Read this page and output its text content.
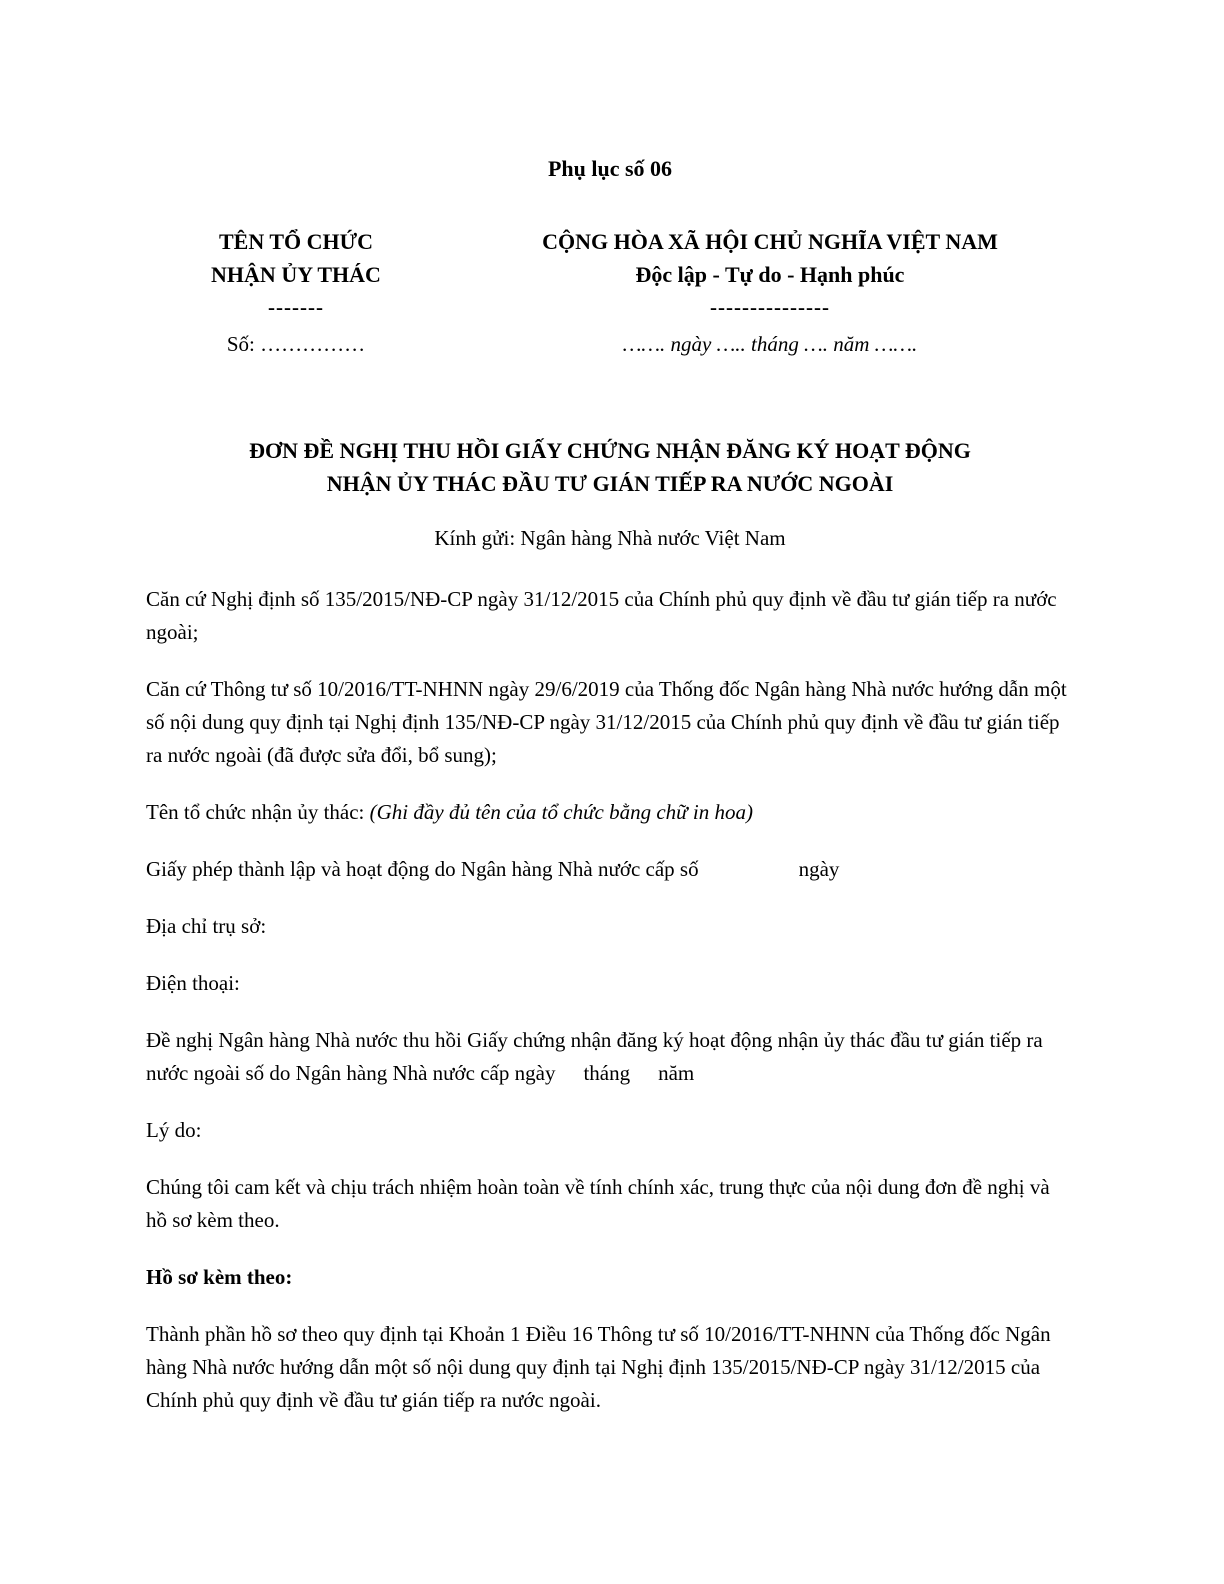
Phụ lục số 06
TÊN TỔ CHỨC
NHẬN ỦY THÁC
-------
Số: ……………
CỘNG HÒA XÃ HỘI CHỦ NGHĨA VIỆT NAM
Độc lập - Tự do - Hạnh phúc
---------------
……. ngày ….. tháng …. năm …….
ĐƠN ĐỀ NGHỊ THU HỒI GIẤY CHỨNG NHẬN ĐĂNG KÝ HOẠT ĐỘNG
NHẬN ỦY THÁC ĐẦU TƯ GIÁN TIẾP RA NƯỚC NGOÀI
Kính gửi: Ngân hàng Nhà nước Việt Nam

Căn cứ Nghị định số 135/2015/NĐ-CP ngày 31/12/2015 của Chính phủ quy định về đầu tư gián tiếp ra nước ngoài;

Căn cứ Thông tư số 10/2016/TT-NHNN ngày 29/6/2019 của Thống đốc Ngân hàng Nhà nước hướng dẫn một số nội dung quy định tại Nghị định 135/NĐ-CP ngày 31/12/2015 của Chính phủ quy định về đầu tư gián tiếp ra nước ngoài (đã được sửa đổi, bổ sung);

Tên tổ chức nhận ủy thác: (Ghi đầy đủ tên của tổ chức bằng chữ in hoa)

Giấy phép thành lập và hoạt động do Ngân hàng Nhà nước cấp số	ngày

Địa chỉ trụ sở:

Điện thoại:

Đề nghị Ngân hàng Nhà nước thu hồi Giấy chứng nhận đăng ký hoạt động nhận ủy thác đầu tư gián tiếp ra nước ngoài số do Ngân hàng Nhà nước cấp ngày tháng năm

Lý do:

Chúng tôi cam kết và chịu trách nhiệm hoàn toàn về tính chính xác, trung thực của nội dung đơn đề nghị và hồ sơ kèm theo.

Hồ sơ kèm theo:

Thành phần hồ sơ theo quy định tại Khoản 1 Điều 16 Thông tư số 10/2016/TT-NHNN của Thống đốc Ngân hàng Nhà nước hướng dẫn một số nội dung quy định tại Nghị định 135/2015/NĐ-CP ngày 31/12/2015 của Chính phủ quy định về đầu tư gián tiếp ra nước ngoài.
